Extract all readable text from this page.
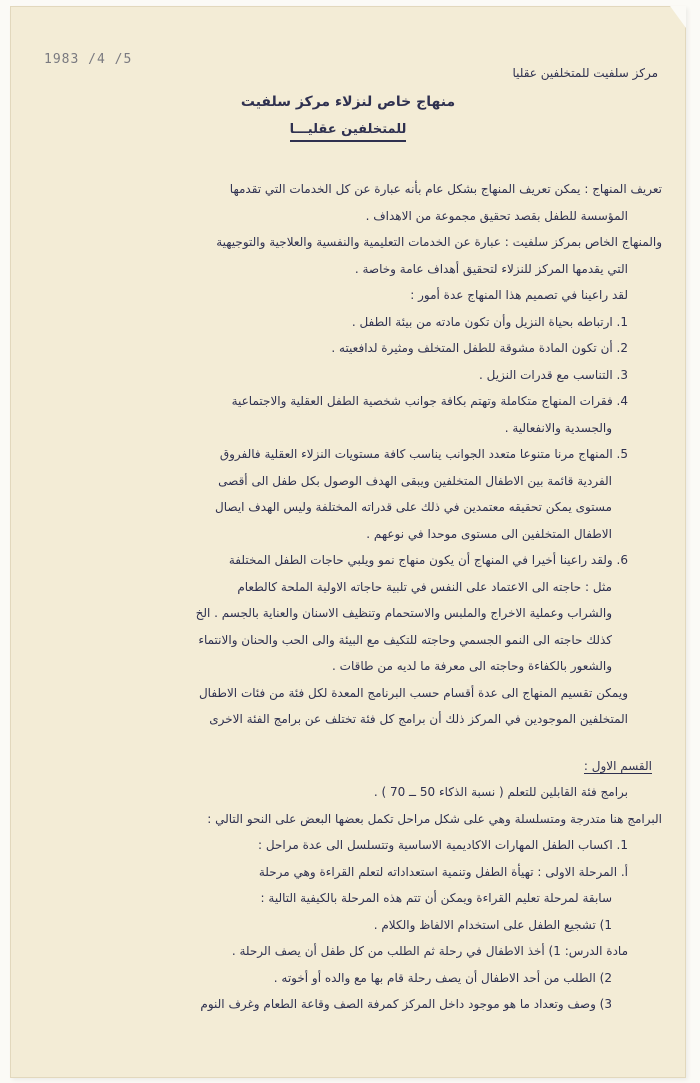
1983 /4 /5
مركز سلفيت للمتخلفين عقليا
منهاج خاص لنزلاء مركز سلفيت
للمتخلفين عقليـــا

تعريف المنهاج : يمكن تعريف المنهاج بشكل عام بأنه عبارة عن كل الخدمات التي تقدمها

المؤسسة للطفل بقصد تحقيق مجموعة من الاهداف .

والمنهاج الخاص بمركز سلفيت : عبارة عن الخدمات التعليمية والنفسية والعلاجية والتوجيهية

التي يقدمها المركز للنزلاء لتحقيق أهداف عامة وخاصة .

لقد راعينا في تصميم هذا المنهاج عدة أمور :

1. ارتباطه بحياة النزيل وأن تكون مادته من بيئة الطفل .

2. أن تكون المادة مشوقة للطفل المتخلف ومثيرة لدافعيته .

3. التناسب مع قدرات النزيل .

4. فقرات المنهاج متكاملة وتهتم بكافة جوانب شخصية الطفل العقلية والاجتماعية

والجسدية والانفعالية .

5. المنهاج مرنا متنوعا متعدد الجوانب يناسب كافة مستويات النزلاء العقلية فالفروق

الفردية قائمة بين الاطفال المتخلفين ويبقى الهدف الوصول بكل طفل الى أقصى

مستوى يمكن تحقيقه معتمدين في ذلك على قدراته المختلفة وليس الهدف ايصال

الاطفال المتخلفين الى مستوى موحدا في نوعهم .

6. ولقد راعينا أخيرا في المنهاج أن يكون منهاج نمو ويلبي حاجات الطفل المختلفة

مثل : حاجته الى الاعتماد على النفس في تلبية حاجاته الاولية الملحة كالطعام

والشراب وعملية الاخراج والملبس والاستحمام وتنظيف الاسنان والعناية بالجسم . الخ

كذلك حاجته الى النمو الجسمي وحاجته للتكيف مع البيئة والى الحب والحنان والانتماء

والشعور بالكفاءة وحاجته الى معرفة ما لديه من طاقات .

ويمكن تقسيم المنهاج الى عدة أقسام حسب البرنامج المعدة لكل فئة من فئات الاطفال

المتخلفين الموجودين في المركز ذلك أن برامج كل فئة تختلف عن برامج الفئة الاخرى

القسم الاول :

برامج فئة القابلين للتعلم ( نسبة الذكاء 50 ــ 70 ) .

البرامج هنا متدرجة ومتسلسلة وهي على شكل مراحل تكمل بعضها البعض على النحو التالي :

1. اكساب الطفل المهارات الاكاديمية الاساسية وتتسلسل الى عدة مراحل :

أ. المرحلة الاولى : تهيأة الطفل وتنمية استعداداته لتعلم القراءة وهي مرحلة

سابقة لمرحلة تعليم القراءة ويمكن أن تتم هذه المرحلة بالكيفية التالية :

1) تشجيع الطفل على استخدام الالفاظ والكلام .

مادة الدرس: 1) أخذ الاطفال في رحلة ثم الطلب من كل طفل أن يصف الرحلة .

2) الطلب من أحد الاطفال أن يصف رحلة قام بها مع والده أو أخوته .

3) وصف وتعداد ما هو موجود داخل المركز كمرفة الصف وقاعة الطعام وغرف النوم
